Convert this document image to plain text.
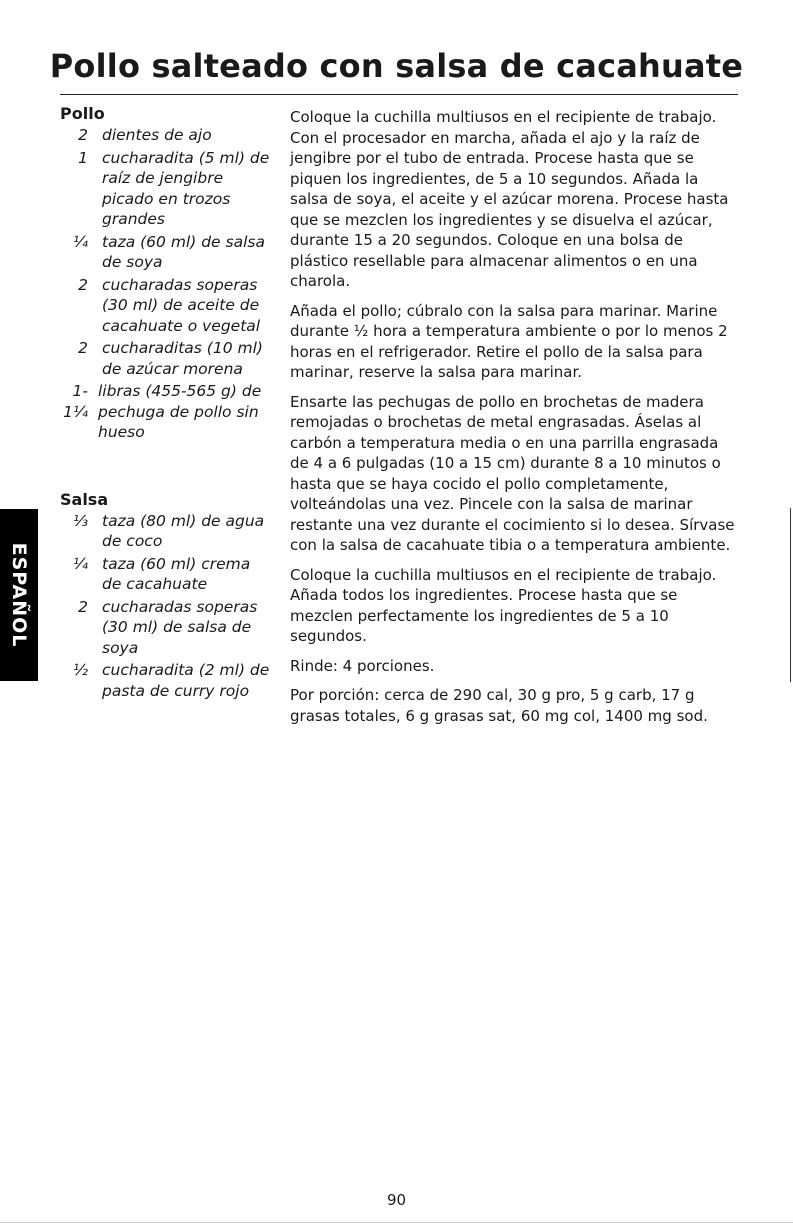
Pollo salteado con salsa de cacahuate
Pollo
2 dientes de ajo
1 cucharadita (5 ml) de raíz de jengibre picado en trozos grandes
¼ taza (60 ml) de salsa de soya
2 cucharadas soperas (30 ml) de aceite de cacahuate o vegetal
2 cucharaditas (10 ml) de azúcar morena
1-1¼
libras (455-565 g) de pechuga de pollo sin hueso
Salsa
⅓ taza (80 ml) de agua de coco
¼ taza (60 ml) crema de cacahuate
2 cucharadas soperas (30 ml) de salsa de soya
½ cucharadita (2 ml) de pasta de curry rojo

Coloque la cuchilla multiusos en el recipiente de trabajo. Con el procesador en marcha, añada el ajo y la raíz de jengibre por el tubo de entrada. Procese hasta que se piquen los ingredientes, de 5 a 10 segundos. Añada la salsa de soya, el aceite y el azúcar morena. Procese hasta que se mezclen los ingredientes y se disuelva el azúcar, durante 15 a 20 segundos. Coloque en una bolsa de plástico resellable para almacenar alimentos o en una charola.

Añada el pollo; cúbralo con la salsa para marinar. Marine durante ½ hora a temperatura ambiente o por lo menos 2 horas en el refrigerador. Retire el pollo de la salsa para marinar, reserve la salsa para marinar.

Ensarte las pechugas de pollo en brochetas de madera remojadas o brochetas de metal engrasadas. Áselas al carbón a temperatura media o en una parrilla engrasada de 4 a 6 pulgadas (10 a 15 cm) durante 8 a 10 minutos o hasta que se haya cocido el pollo completamente, volteándolas una vez. Pincele con la salsa de marinar restante una vez durante el cocimiento si lo desea. Sírvase con la salsa de cacahuate tibia o a temperatura ambiente.

Coloque la cuchilla multiusos en el recipiente de trabajo. Añada todos los ingredientes. Procese hasta que se mezclen perfectamente los ingredientes de 5 a 10 segundos.

Rinde: 4 porciones.

Por porción: cerca de 290 cal, 30 g pro, 5 g carb, 17 g grasas totales, 6 g grasas sat, 60 mg col, 1400 mg sod.

ESPAÑOL
90
